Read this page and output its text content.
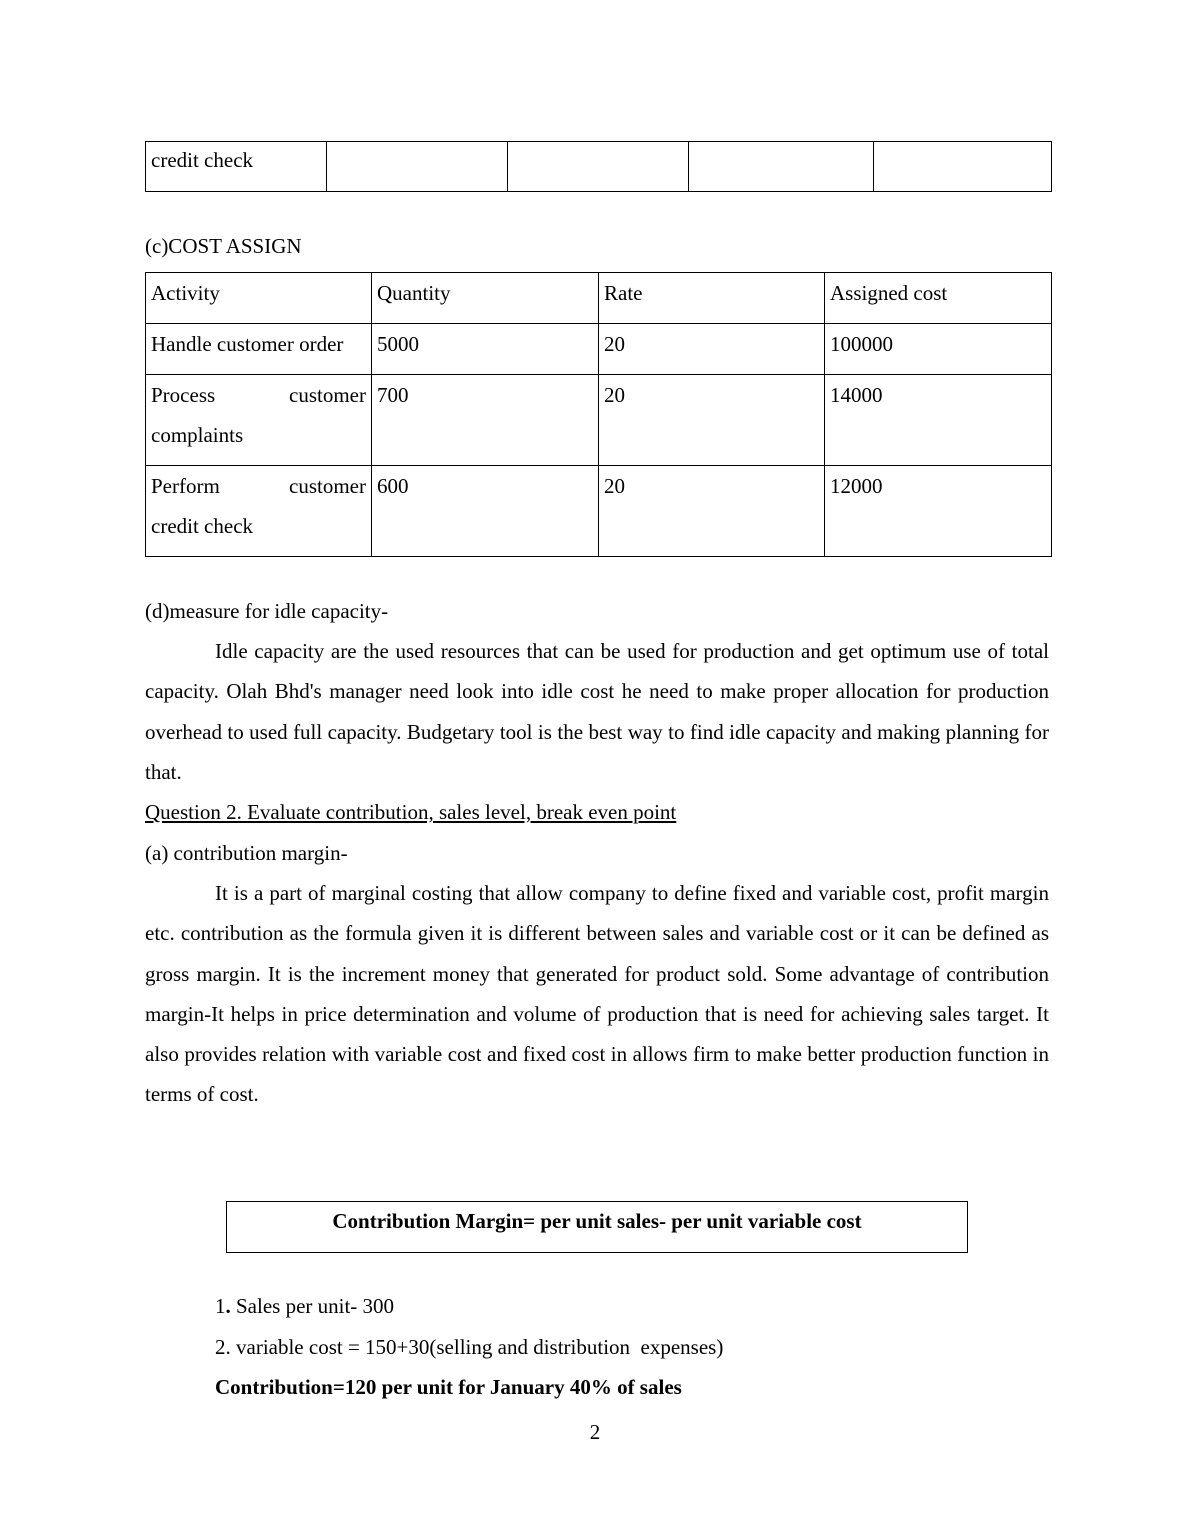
credit check				
(c)COST ASSIGN
Activity	Quantity	Rate	Assigned cost
Handle customer order	5000	20	100000

Process customer
complaints	700	20	14000

Perform customer
credit check	600	20	12000
(d)measure for idle capacity-
Idle capacity are the used resources that can be used for production and get optimum use of total capacity. Olah Bhd's manager need look into idle cost he need to make proper allocation for production overhead to used full capacity. Budgetary tool is the best way to find idle capacity and making planning for that.
Question 2. Evaluate contribution, sales level, break even point
(a) contribution margin-
It is a part of marginal costing that allow company to define fixed and variable cost, profit margin etc. contribution as the formula given it is different between sales and variable cost or it can be defined as gross margin. It is the increment money that generated for product sold. Some advantage of contribution margin-It helps in price determination and volume of production that is need for achieving sales target. It also provides relation with variable cost and fixed cost in allows firm to make better production function in terms of cost.
Contribution Margin= per unit sales- per unit variable cost
1. Sales per unit- 300
2. variable cost = 150+30(selling and distribution  expenses)
Contribution=120 per unit for January 40% of sales
2
